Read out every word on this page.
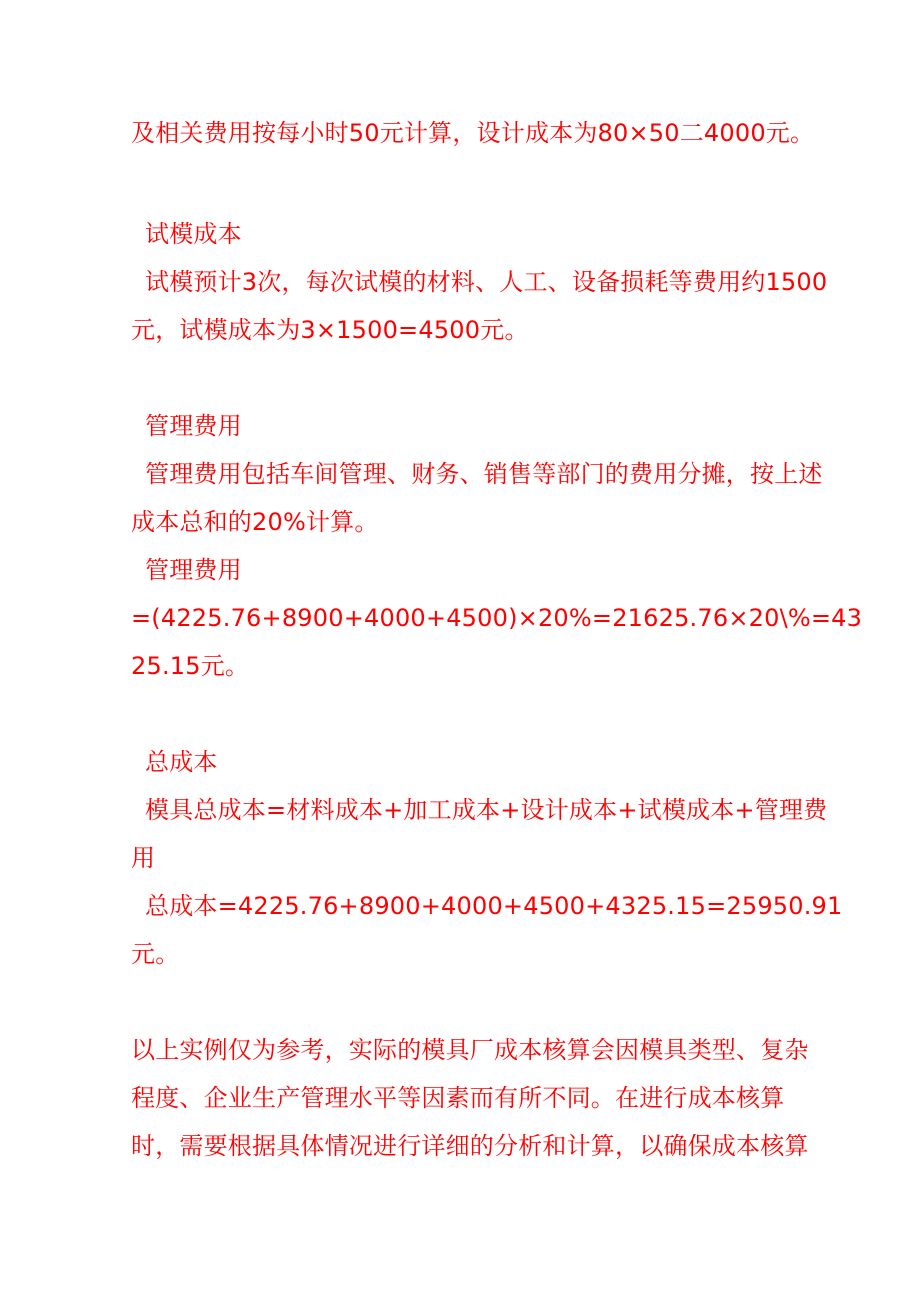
及相关费用按每小时50元计算，设计成本为80×50二4000元。
试模成本
试模预计3次，每次试模的材料、人工、设备损耗等费用约1500
元，试模成本为3×1500=4500元。
管理费用
管理费用包括车间管理、财务、销售等部门的费用分摊，按上述
成本总和的20%计算。
管理费用
=(4225.76+8900+4000+4500)×20%=21625.76×20\%=43
25.15元。
总成本
模具总成本=材料成本+加工成本+设计成本+试模成本+管理费
用
总成本=4225.76+8900+4000+4500+4325.15=25950.91
元。
以上实例仅为参考，实际的模具厂成本核算会因模具类型、复杂
程度、企业生产管理水平等因素而有所不同。在进行成本核算
时，需要根据具体情况进行详细的分析和计算，以确保成本核算
